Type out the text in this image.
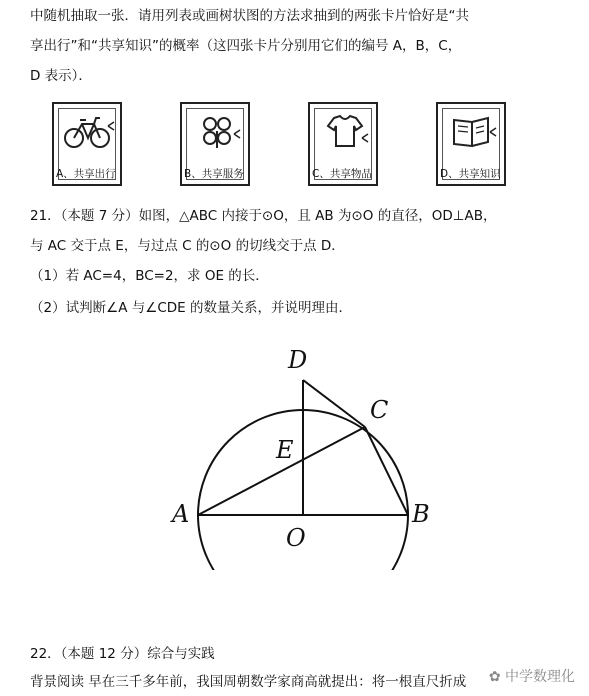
中随机抽取一张．请用列表或画树状图的方法求抽到的两张卡片恰好是“共
享出行”和“共享知识”的概率（这四张卡片分别用它们的编号 A，B，C，
D 表示）．
A、共享出行	B、共享服务	C、共享物品	D、共享知识
21．（本题 7 分）如图，△ABC 内接于⊙O，且 AB 为⊙O 的直径，OD⊥AB，
与 AC 交于点 E，与过点 C 的⊙O 的切线交于点 D．
（1）若 AC=4，BC=2，求 OE 的长．
（2）试判断∠A 与∠CDE 的数量关系，并说明理由．
D
C
E
A
O
B
22．（本题 12 分）综合与实践
背景阅读 早在三千多年前，我国周朝数学家商高就提出：将一根直尺折成 ✿ 中学数理化
